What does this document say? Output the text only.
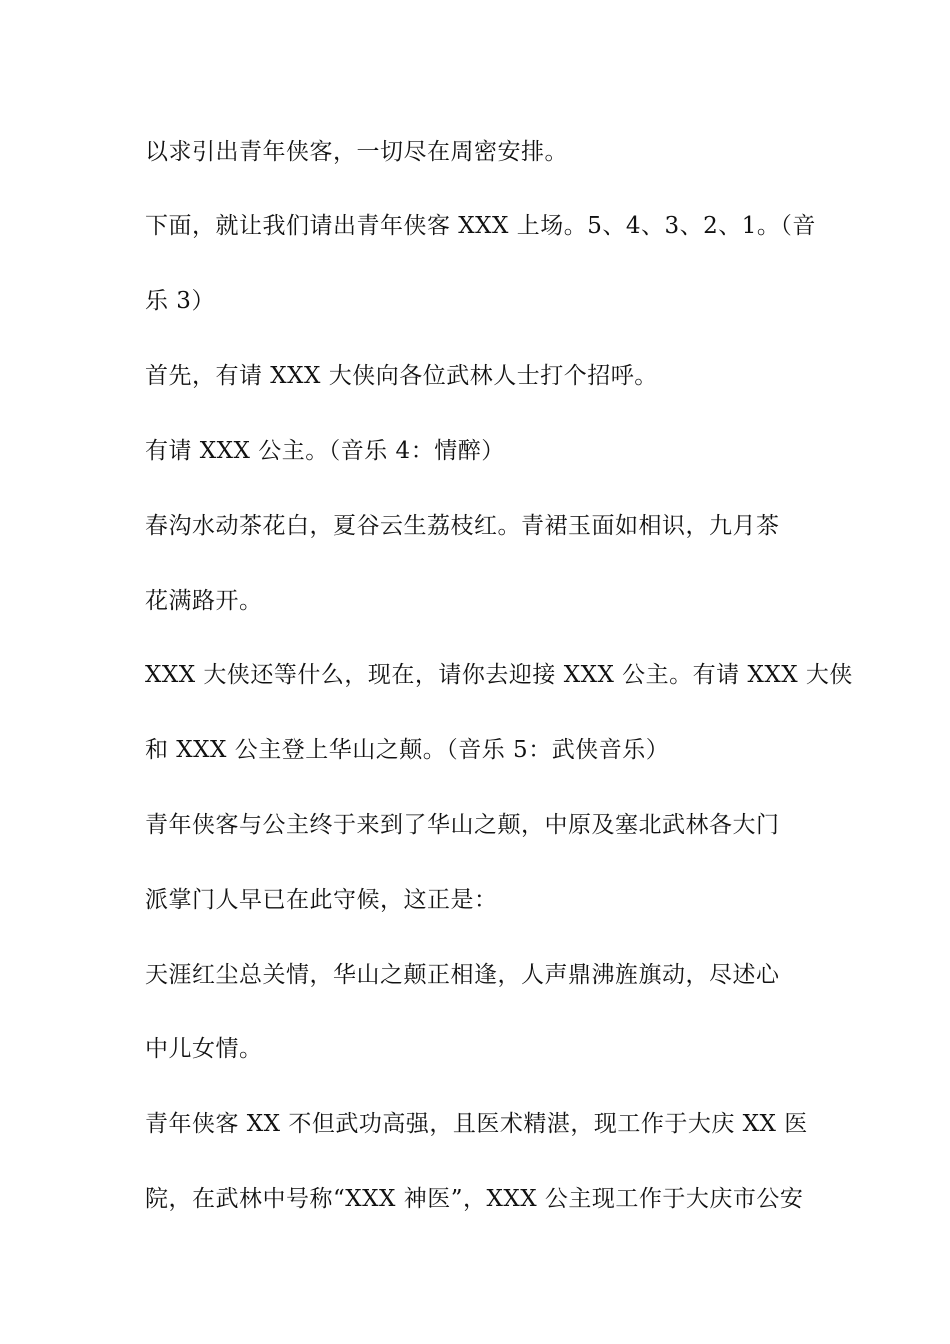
以求引出青年侠客，一切尽在周密安排。
下面，就让我们请出青年侠客 XXX 上场。5、4、3、2、1。（音
乐 3）
首先，有请 XXX 大侠向各位武林人士打个招呼。
有请 XXX 公主。（音乐 4：情醉）
春沟水动茶花白，夏谷云生荔枝红。青裙玉面如相识，九月茶
花满路开。
XXX 大侠还等什么，现在，请你去迎接 XXX 公主。有请 XXX 大侠
和 XXX 公主登上华山之颠。（音乐 5：武侠音乐）
青年侠客与公主终于来到了华山之颠，中原及塞北武林各大门
派掌门人早已在此守候，这正是：
天涯红尘总关情，华山之颠正相逢，人声鼎沸旌旗动，尽述心
中儿女情。
青年侠客 XX 不但武功高强，且医术精湛，现工作于大庆 XX 医
院，在武林中号称“XXX 神医”，XXX 公主现工作于大庆市公安
